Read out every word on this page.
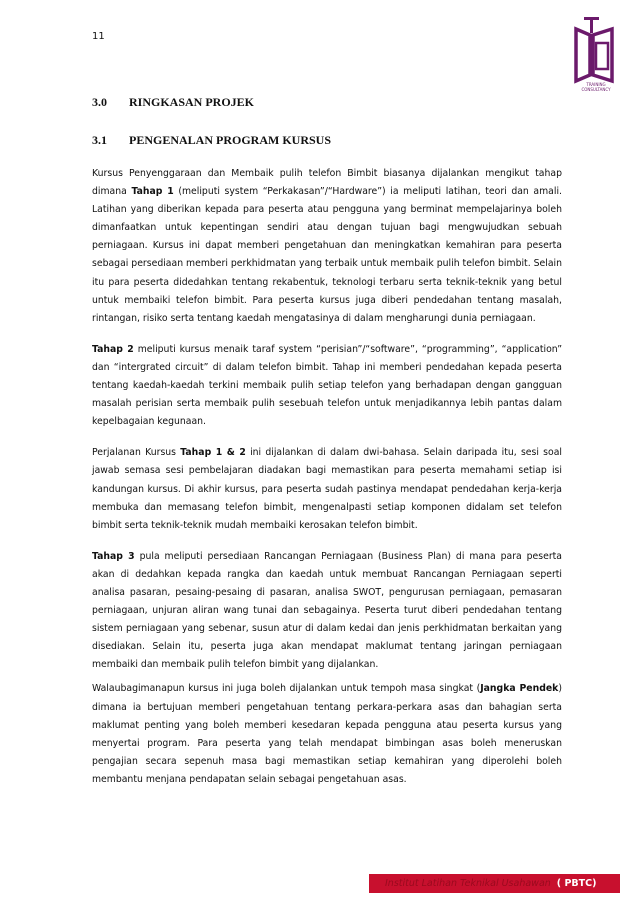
11
TRAINING
CONSULTANCY
3.0 RINGKASAN PROJEK
3.1 PENGENALAN PROGRAM KURSUS

Kursus Penyenggaraan dan Membaik pulih telefon Bimbit biasanya dijalankan mengikut tahap dimana Tahap 1 (meliputi system “Perkakasan”/“Hardware”) ia meliputi latihan, teori dan amali. Latihan yang diberikan kepada para peserta atau pengguna yang berminat mempelajarinya boleh dimanfaatkan untuk kepentingan sendiri atau dengan tujuan bagi mengwujudkan sebuah perniagaan. Kursus ini dapat memberi pengetahuan dan meningkatkan kemahiran para peserta sebagai persediaan memberi perkhidmatan yang terbaik untuk membaik pulih telefon bimbit. Selain itu para peserta didedahkan tentang rekabentuk, teknologi terbaru serta teknik-teknik yang betul untuk membaiki telefon bimbit. Para peserta kursus juga diberi pendedahan tentang masalah, rintangan, risiko serta tentang kaedah mengatasinya di dalam mengharungi dunia perniagaan.

Tahap 2 meliputi kursus menaik taraf system “perisian”/“software”, “programming”, “application” dan “intergrated circuit” di dalam telefon bimbit. Tahap ini memberi pendedahan kepada peserta tentang kaedah-kaedah terkini membaik pulih setiap telefon yang berhadapan dengan gangguan masalah perisian serta membaik pulih sesebuah telefon untuk menjadikannya lebih pantas dalam kepelbagaian kegunaan.

Perjalanan Kursus Tahap 1 & 2 ini dijalankan di dalam dwi-bahasa. Selain daripada itu, sesi soal jawab semasa sesi pembelajaran diadakan bagi memastikan para peserta memahami setiap isi kandungan kursus. Di akhir kursus, para peserta sudah pastinya mendapat pendedahan kerja-kerja membuka dan memasang telefon bimbit, mengenalpasti setiap komponen didalam set telefon bimbit serta teknik-teknik mudah membaiki kerosakan telefon bimbit.

Tahap 3 pula meliputi persediaan Rancangan Perniagaan (Business Plan) di mana para peserta akan di dedahkan kepada rangka dan kaedah untuk membuat Rancangan Perniagaan seperti analisa pasaran, pesaing-pesaing di pasaran, analisa SWOT, pengurusan perniagaan, pemasaran perniagaan, unjuran aliran wang tunai dan sebagainya. Peserta turut diberi pendedahan tentang sistem perniagaan yang sebenar, susun atur di dalam kedai dan jenis perkhidmatan berkaitan yang disediakan. Selain itu, peserta juga akan mendapat maklumat tentang jaringan perniagaan membaiki dan membaik pulih telefon bimbit yang dijalankan.

Walaubagimanapun kursus ini juga boleh dijalankan untuk tempoh masa singkat (Jangka Pendek) dimana ia bertujuan memberi pengetahuan tentang perkara-perkara asas dan bahagian serta maklumat penting yang boleh memberi kesedaran kepada pengguna atau peserta kursus yang menyertai program. Para peserta yang telah mendapat bimbingan asas boleh meneruskan pengajian secara sepenuh masa bagi memastikan setiap kemahiran yang diperolehi boleh membantu menjana pendapatan selain sebagai pengetahuan asas.

Institut Latihan Teknikal Usahawan ( PBTC)
